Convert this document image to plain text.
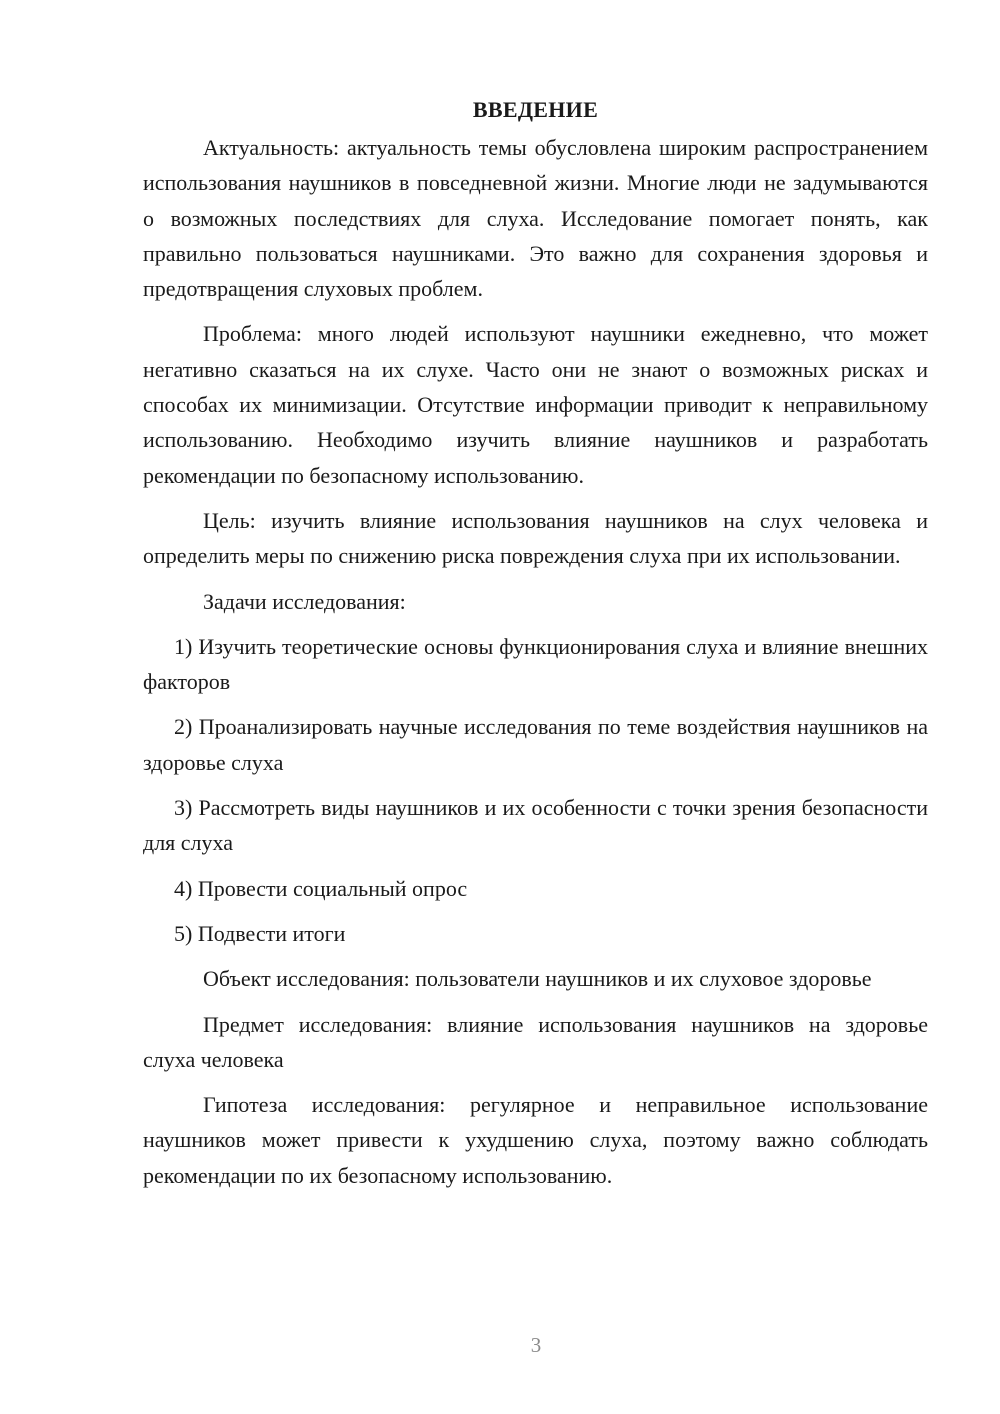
ВВЕДЕНИЕ

Актуальность: актуальность темы обусловлена широким распространением использования наушников в повседневной жизни. Многие люди не задумываются о возможных последствиях для слуха. Исследование помогает понять, как правильно пользоваться наушниками. Это важно для сохранения здоровья и предотвращения слуховых проблем.

Проблема: много людей используют наушники ежедневно, что может негативно сказаться на их слухе. Часто они не знают о возможных рисках и способах их минимизации. Отсутствие информации приводит к неправильному использованию. Необходимо изучить влияние наушников и разработать рекомендации по безопасному использованию.

Цель: изучить влияние использования наушников на слух человека и определить меры по снижению риска повреждения слуха при их использовании.

Задачи исследования:

1) Изучить теоретические основы функционирования слуха и влияние внешних факторов

2) Проанализировать научные исследования по теме воздействия наушников на здоровье слуха

3) Рассмотреть виды наушников и их особенности с точки зрения безопасности для слуха

4) Провести социальный опрос

5) Подвести итоги

Объект исследования: пользователи наушников и их слуховое здоровье

Предмет исследования: влияние использования наушников на здоровье слуха человека

Гипотеза исследования: регулярное и неправильное использование наушников может привести к ухудшению слуха, поэтому важно соблюдать рекомендации по их безопасному использованию.

3
